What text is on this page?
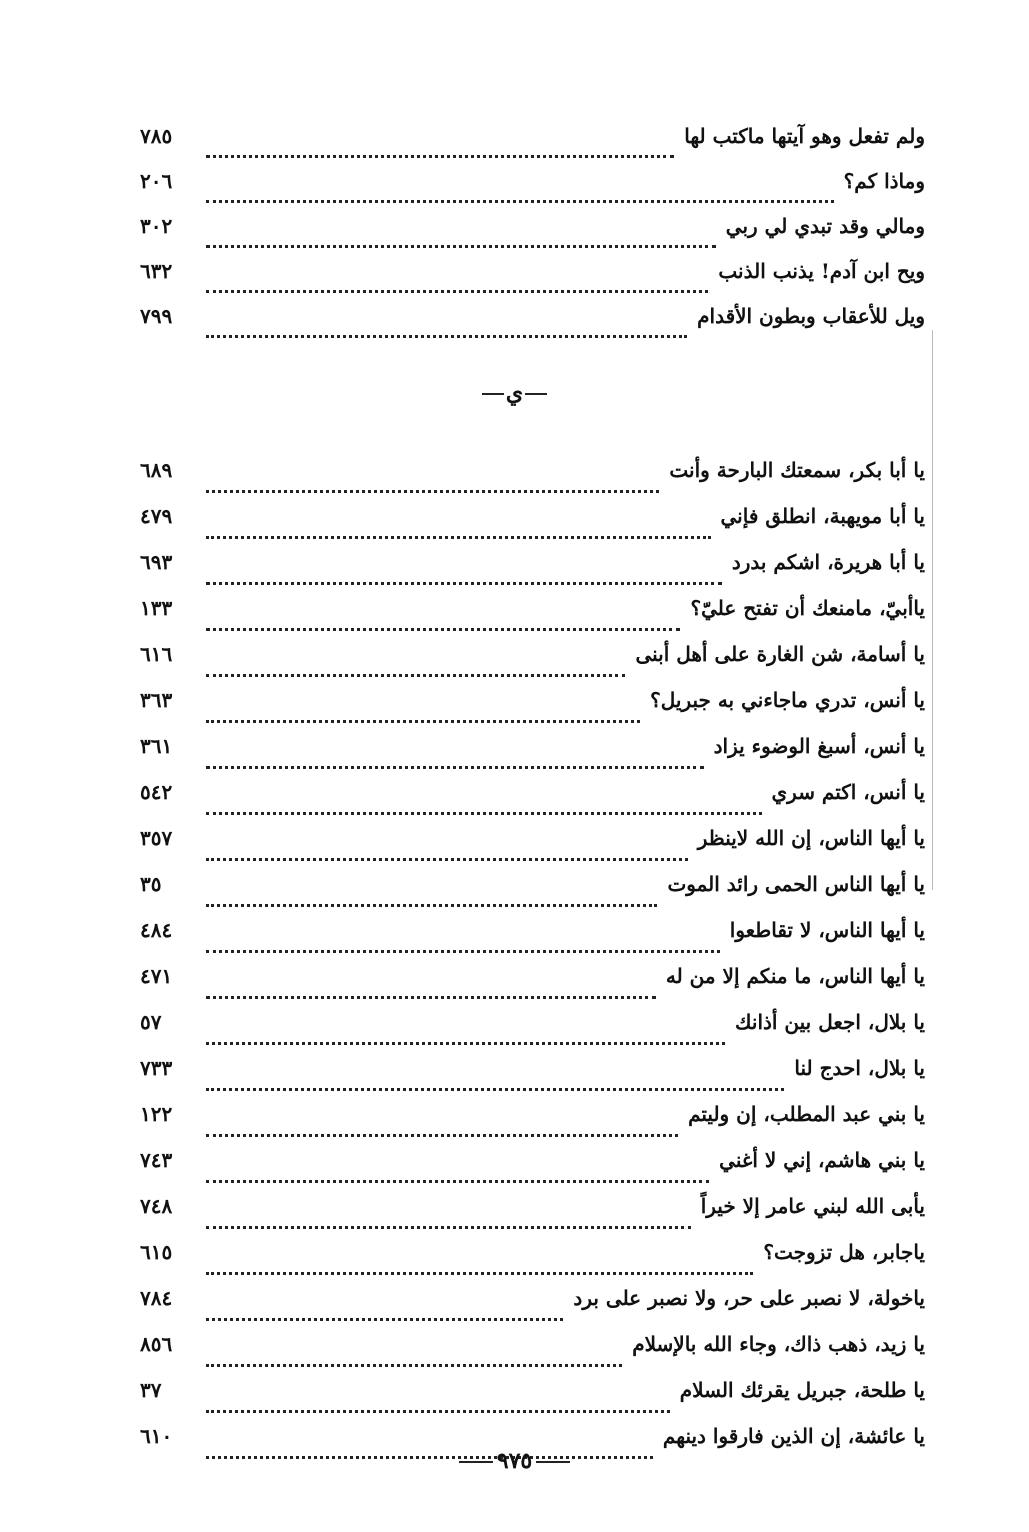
ولم تفعل وهو آيتها ماكتب لها
٧٨٥
وماذا كم؟
٢٠٦
ومالي وقد تبدي لي ربي
٣٠٢
ويح ابن آدم! يذنب الذنب
٦٣٢
ويل للأعقاب وبطون الأقدام
٧٩٩
ي
يا أبا بكر، سمعتك البارحة وأنت
٦٨٩
يا أبا مويهبة، انطلق فإني
٤٧٩
يا أبا هريرة، اشكم بدرد
٦٩٣
ياأبيّ، مامنعك أن تفتح عليّ؟
١٣٣
يا أسامة، شن الغارة على أهل أبنى
٦١٦
يا أنس، تدري ماجاءني به جبريل؟
٣٦٣
يا أنس، أسبغ الوضوء يزاد
٣٦١
يا أنس، اكتم سري
٥٤٢
يا أيها الناس، إن الله لاينظر
٣٥٧
يا أيها الناس الحمى رائد الموت
٣٥
يا أيها الناس، لا تقاطعوا
٤٨٤
يا أيها الناس، ما منكم إلا من له
٤٧١
يا بلال، اجعل بين أذانك
٥٧
يا بلال، احدج لنا
٧٣٣
يا بني عبد المطلب، إن وليتم
١٢٢
يا بني هاشم، إني لا أغني
٧٤٣
يأبى الله لبني عامر إلا خيراً
٧٤٨
ياجابر، هل تزوجت؟
٦١٥
ياخولة، لا نصبر على حر، ولا نصبر على برد
٧٨٤
يا زيد، ذهب ذاك، وجاء الله بالإسلام
٨٥٦
يا طلحة، جبريل يقرئك السلام
٣٧
يا عائشة، إن الذين فارقوا دينهم
٦١٠
٩٧٥
